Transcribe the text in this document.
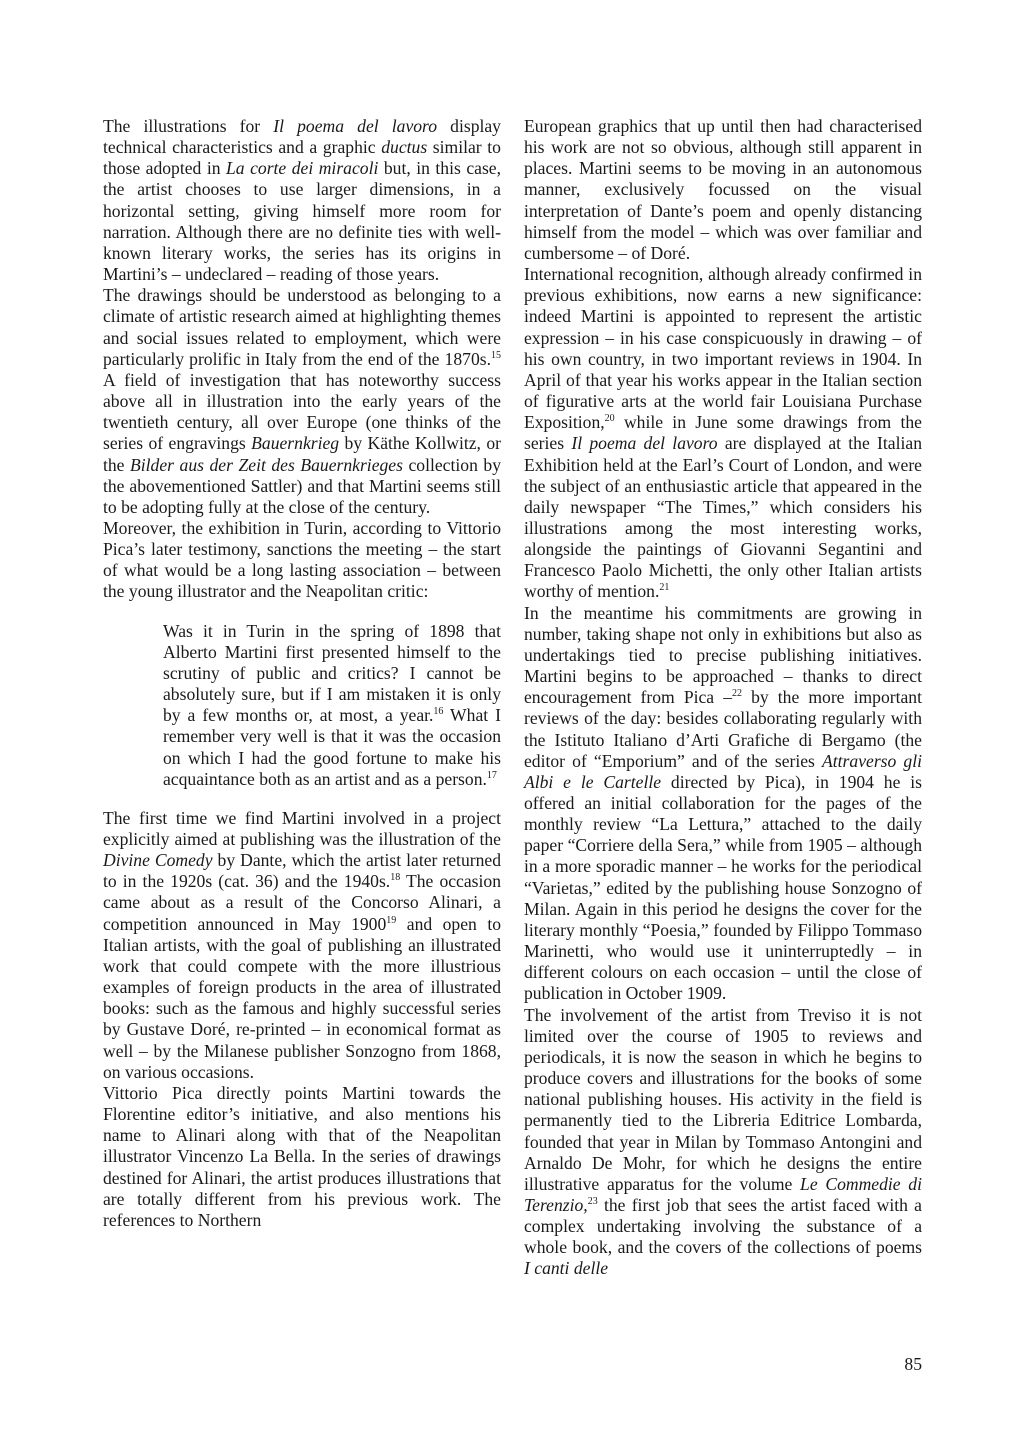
The illustrations for Il poema del lavoro display technical characteristics and a graphic ductus similar to those adopted in La corte dei miracoli but, in this case, the artist chooses to use larger dimensions, in a horizontal setting, giving himself more room for narration. Although there are no definite ties with well-known literary works, the series has its origins in Martini’s – undeclared – reading of those years.

The drawings should be understood as belonging to a climate of artistic research aimed at highlighting themes and social issues related to employment, which were particularly prolific in Italy from the end of the 1870s.$^{15}$ A field of investigation that has noteworthy success above all in illustration into the early years of the twentieth century, all over Europe (one thinks of the series of engravings Bauernkrieg by Käthe Kollwitz, or the Bilder aus der Zeit des Bauernkrieges collection by the abovementioned Sattler) and that Martini seems still to be adopting fully at the close of the century.

Moreover, the exhibition in Turin, according to Vittorio Pica’s later testimony, sanctions the meeting – the start of what would be a long lasting association – between the young illustrator and the Neapolitan critic:

Was it in Turin in the spring of 1898 that Alberto Martini first presented himself to the scrutiny of public and critics? I cannot be absolutely sure, but if I am mistaken it is only by a few months or, at most, a year.$^{16}$ What I remember very well is that it was the occasion on which I had the good fortune to make his acquaintance both as an artist and as a person.$^{17}$

The first time we find Martini involved in a project explicitly aimed at publishing was the illustration of the Divine Comedy by Dante, which the artist later returned to in the 1920s (cat. 36) and the 1940s.$^{18}$ The occasion came about as a result of the Concorso Alinari, a competition announced in May 1900$^{19}$ and open to Italian artists, with the goal of publishing an illustrated work that could compete with the more illustrious examples of foreign products in the area of illustrated books: such as the famous and highly successful series by Gustave Doré, re-printed – in economical format as well – by the Milanese publisher Sonzogno from 1868, on various occasions.

Vittorio Pica directly points Martini towards the Florentine editor’s initiative, and also mentions his name to Alinari along with that of the Neapolitan illustrator Vincenzo La Bella. In the series of drawings destined for Alinari, the artist produces illustrations that are totally different from his previous work. The references to Northern

European graphics that up until then had characterised his work are not so obvious, although still apparent in places. Martini seems to be moving in an autonomous manner, exclusively focussed on the visual interpretation of Dante’s poem and openly distancing himself from the model – which was over familiar and cumbersome – of Doré.

International recognition, although already confirmed in previous exhibitions, now earns a new significance: indeed Martini is appointed to represent the artistic expression – in his case conspicuously in drawing – of his own country, in two important reviews in 1904. In April of that year his works appear in the Italian section of figurative arts at the world fair Louisiana Purchase Exposition,$^{20}$ while in June some drawings from the series Il poema del lavoro are displayed at the Italian Exhibition held at the Earl’s Court of London, and were the subject of an enthusiastic article that appeared in the daily newspaper “The Times,” which considers his illustrations among the most interesting works, alongside the paintings of Giovanni Segantini and Francesco Paolo Michetti, the only other Italian artists worthy of mention.$^{21}$

In the meantime his commitments are growing in number, taking shape not only in exhibitions but also as undertakings tied to precise publishing initiatives. Martini begins to be approached – thanks to direct encouragement from Pica –$^{22}$ by the more important reviews of the day: besides collaborating regularly with the Istituto Italiano d’Arti Grafiche di Bergamo (the editor of “Emporium” and of the series Attraverso gli Albi e le Cartelle directed by Pica), in 1904 he is offered an initial collaboration for the pages of the monthly review “La Lettura,” attached to the daily paper “Corriere della Sera,” while from 1905 – although in a more sporadic manner – he works for the periodical “Varietas,” edited by the publishing house Sonzogno of Milan. Again in this period he designs the cover for the literary monthly “Poesia,” founded by Filippo Tommaso Marinetti, who would use it uninterruptedly – in different colours on each occasion – until the close of publication in October 1909.

The involvement of the artist from Treviso it is not limited over the course of 1905 to reviews and periodicals, it is now the season in which he begins to produce covers and illustrations for the books of some national publishing houses. His activity in the field is permanently tied to the Libreria Editrice Lombarda, founded that year in Milan by Tommaso Antongini and Arnaldo De Mohr, for which he designs the entire illustrative apparatus for the volume Le Commedie di Terenzio,$^{23}$ the first job that sees the artist faced with a complex undertaking involving the substance of a whole book, and the covers of the collections of poems I canti delle

85
